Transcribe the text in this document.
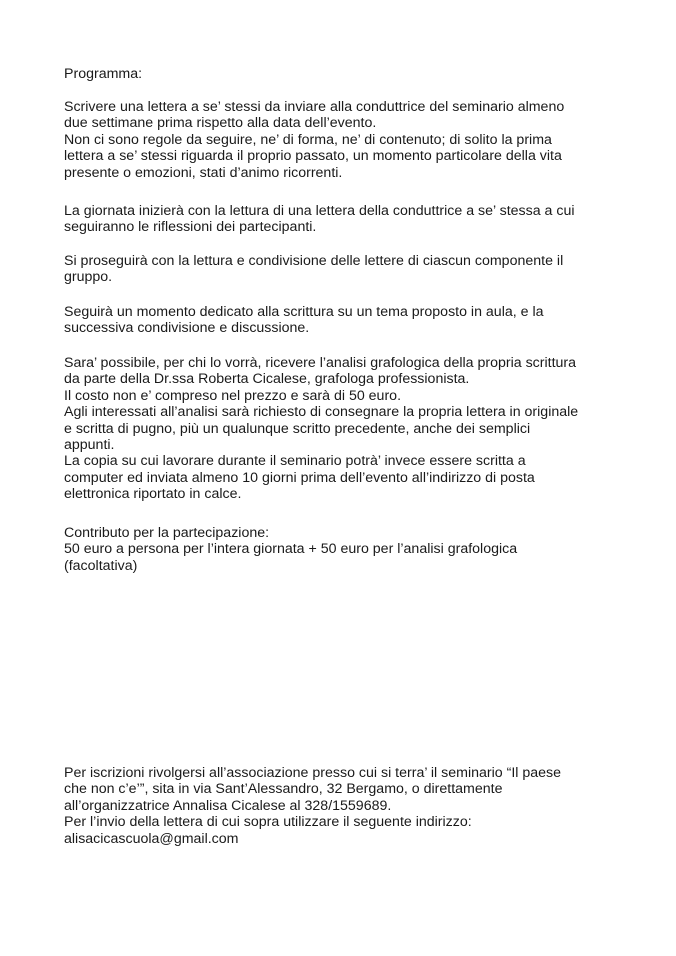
Programma:
Scrivere una lettera a se’ stessi da inviare alla conduttrice del seminario almeno
due settimane prima rispetto alla data dell’evento.
Non ci sono regole da seguire, ne’ di forma, ne’ di contenuto; di solito la prima
lettera a se’ stessi riguarda il proprio passato, un momento particolare della vita
presente o emozioni, stati d’animo ricorrenti.
La giornata inizierà con la lettura di una lettera della conduttrice a se’ stessa a cui
seguiranno le riflessioni dei partecipanti.
Si proseguirà con la lettura e condivisione delle lettere di ciascun componente il
gruppo.
Seguirà un momento dedicato alla scrittura su un tema proposto in aula, e la
successiva condivisione e discussione.
Sara’ possibile, per chi lo vorrà, ricevere l’analisi grafologica della propria scrittura
da parte della Dr.ssa Roberta Cicalese, grafologa professionista.
Il costo non e’ compreso nel prezzo e sarà di 50 euro.
Agli interessati all’analisi sarà richiesto di consegnare la propria lettera in originale
e scritta di pugno, più un qualunque scritto precedente, anche dei semplici
appunti.
La copia su cui lavorare durante il seminario potrà’ invece essere scritta a
computer ed inviata almeno 10 giorni prima dell’evento all’indirizzo di posta
elettronica riportato in calce.
Contributo per la partecipazione:
50 euro a persona per l’intera giornata + 50 euro per l’analisi grafologica
(facoltativa)
Per iscrizioni rivolgersi all’associazione presso cui si terra’ il seminario “Il paese
che non c’e’”, sita in via Sant’Alessandro, 32 Bergamo, o direttamente
all’organizzatrice Annalisa Cicalese al 328/1559689.
Per l’invio della lettera di cui sopra utilizzare il seguente indirizzo:
alisacicascuola@gmail.com
